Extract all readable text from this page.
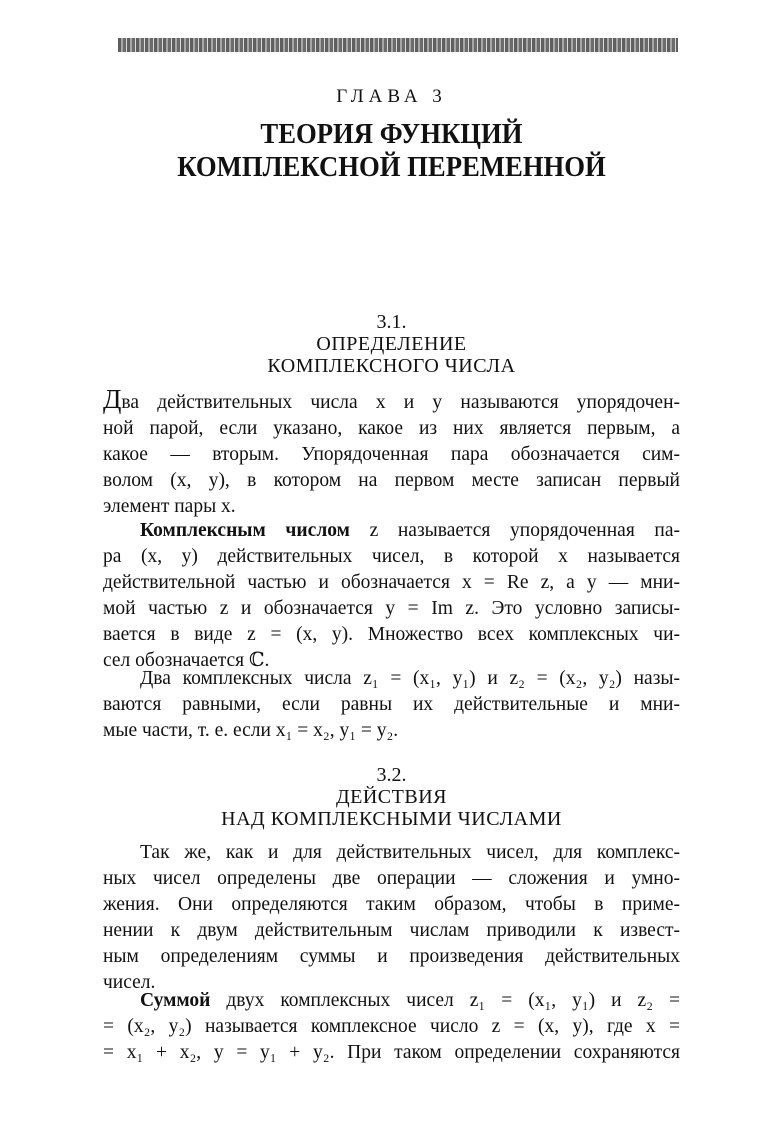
ГЛАВА 3
ТЕОРИЯ ФУНКЦИЙ
КОМПЛЕКСНОЙ ПЕРЕМЕННОЙ
3.1.
ОПРЕДЕЛЕНИЕ
КОМПЛЕКСНОГО ЧИСЛА
Два действительных числа x и y называются упорядочен-
ной парой, если указано, какое из них является первым, а
какое — вторым. Упорядоченная пара обозначается сим-
волом (x, y), в котором на первом месте записан первый
элемент пары x.
Комплексным числом z называется упорядоченная па-
ра (x, y) действительных чисел, в которой x называется
действительной частью и обозначается x = Re z, а y — мни-
мой частью z и обозначается y = Im z. Это условно записы-
вается в виде z = (x, y). Множество всех комплексных чи-
сел обозначается ℂ.
Два комплексных числа z₁ = (x₁, y₁) и z₂ = (x₂, y₂) назы-
ваются равными, если равны их действительные и мни-
мые части, т. е. если x₁ = x₂, y₁ = y₂.
3.2.
ДЕЙСТВИЯ
НАД КОМПЛЕКСНЫМИ ЧИСЛАМИ
Так же, как и для действительных чисел, для комплекс-
ных чисел определены две операции — сложения и умно-
жения. Они определяются таким образом, чтобы в приме-
нении к двум действительным числам приводили к извест-
ным определениям суммы и произведения действительных
чисел.
Суммой двух комплексных чисел z₁ = (x₁, y₁) и z₂ =
= (x₂, y₂) называется комплексное число z = (x, y), где x =
= x₁ + x₂, y = y₁ + y₂. При таком определении сохраняются
